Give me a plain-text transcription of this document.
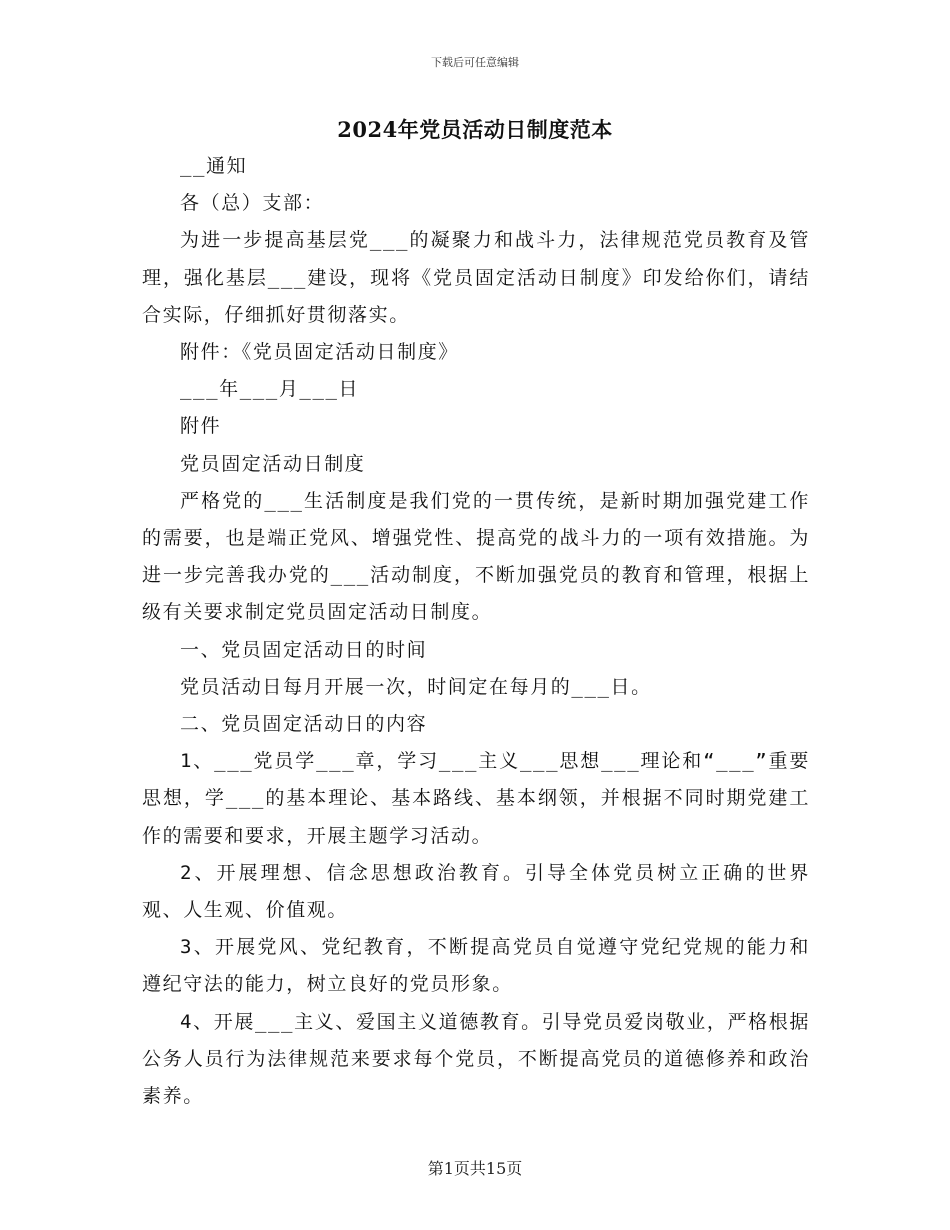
下载后可任意编辑
2024年党员活动日制度范本

__通知

各（总）支部：

为进一步提高基层党___的凝聚力和战斗力，法律规范党员教育及管理，强化基层___建设，现将《党员固定活动日制度》印发给你们，请结合实际，仔细抓好贯彻落实。

附件：《党员固定活动日制度》

___年___月___日

附件

党员固定活动日制度

严格党的___生活制度是我们党的一贯传统，是新时期加强党建工作的需要，也是端正党风、增强党性、提高党的战斗力的一项有效措施。为进一步完善我办党的___活动制度，不断加强党员的教育和管理，根据上级有关要求制定党员固定活动日制度。

一、党员固定活动日的时间

党员活动日每月开展一次，时间定在每月的___日。

二、党员固定活动日的内容

1、___党员学___章，学习___主义___思想___理论和“___”重要思想，学___的基本理论、基本路线、基本纲领，并根据不同时期党建工作的需要和要求，开展主题学习活动。

2、开展理想、信念思想政治教育。引导全体党员树立正确的世界观、人生观、价值观。

3、开展党风、党纪教育，不断提高党员自觉遵守党纪党规的能力和遵纪守法的能力，树立良好的党员形象。

4、开展___主义、爱国主义道德教育。引导党员爱岗敬业，严格根据公务人员行为法律规范来要求每个党员，不断提高党员的道德修养和政治素养。

第1页共15页
